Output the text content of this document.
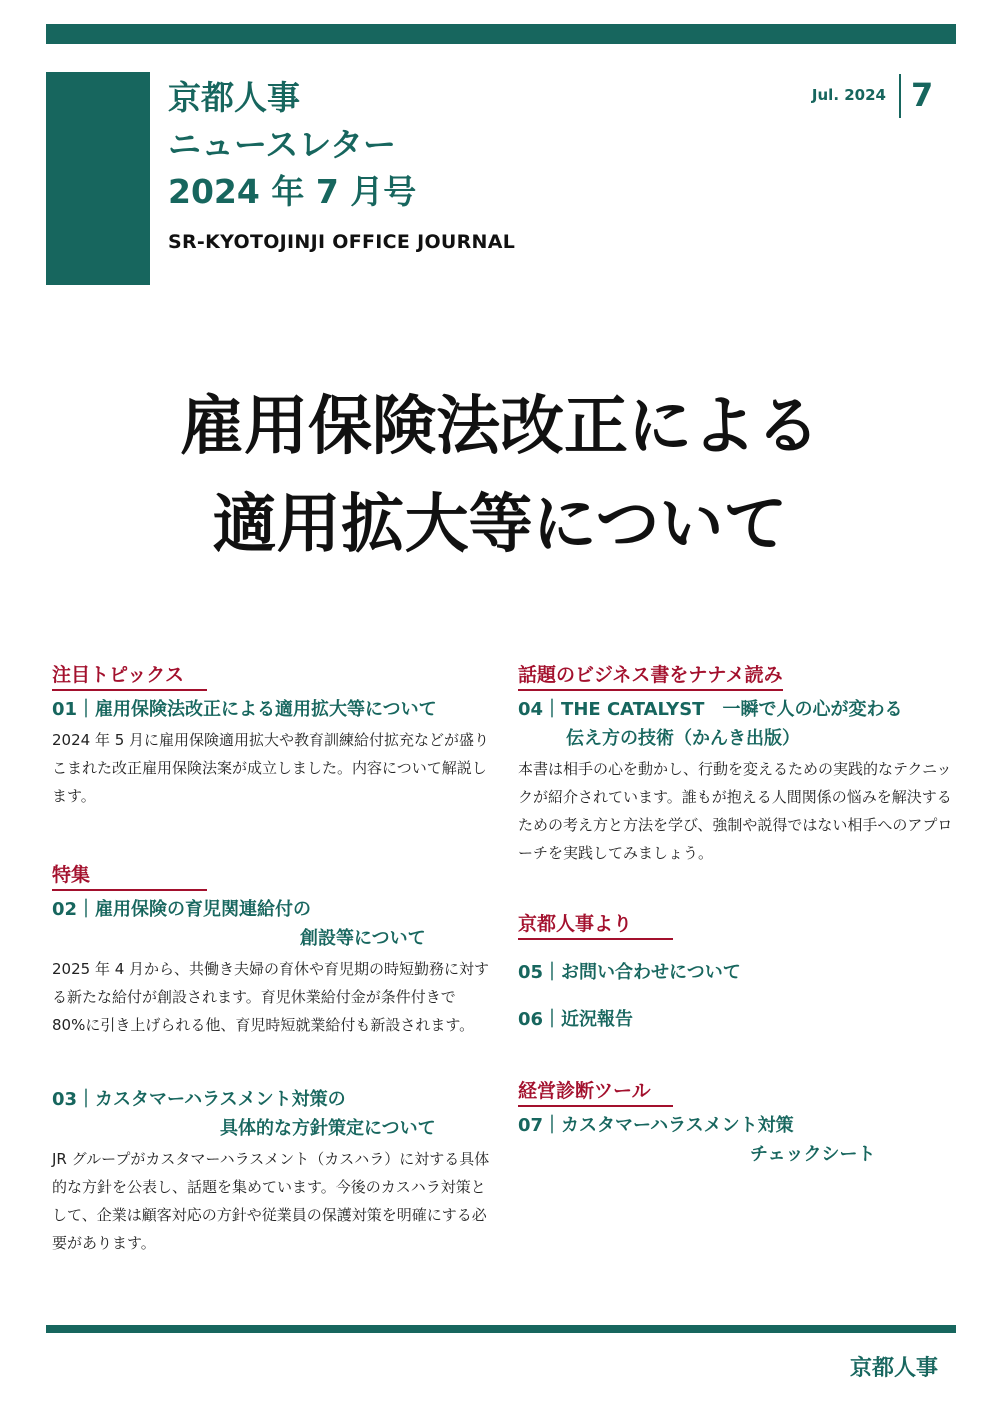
京都人事
ニュースレター
2024 年 7 月号
SR-KYOTOJINJI OFFICE JOURNAL
Jul. 2024 7
雇用保険法改正による
適用拡大等について
注目トピックス
01｜雇用保険法改正による適用拡大等について
2024 年 5 月に雇用保険適用拡大や教育訓練給付拡充などが盛りこまれた改正雇用保険法案が成立しました。内容について解説します。
特集
02｜雇用保険の育児関連給付の
創設等について
2025 年 4 月から、共働き夫婦の育休や育児期の時短勤務に対する新たな給付が創設されます。育児休業給付金が条件付きで 80%に引き上げられる他、育児時短就業給付も新設されます。
03｜カスタマーハラスメント対策の
具体的な方針策定について
JR グループがカスタマーハラスメント（カスハラ）に対する具体的な方針を公表し、話題を集めています。今後のカスハラ対策として、企業は顧客対応の方針や従業員の保護対策を明確にする必要があります。
話題のビジネス書をナナメ読み
04｜THE CATALYST　一瞬で人の心が変わる
伝え方の技術（かんき出版）
本書は相手の心を動かし、行動を変えるための実践的なテクニックが紹介されています。誰もが抱える人間関係の悩みを解決するための考え方と方法を学び、強制や説得ではない相手へのアプローチを実践してみましょう。
京都人事より
05｜お問い合わせについて
06｜近況報告
経営診断ツール
07｜カスタマーハラスメント対策
チェックシート
京都人事
